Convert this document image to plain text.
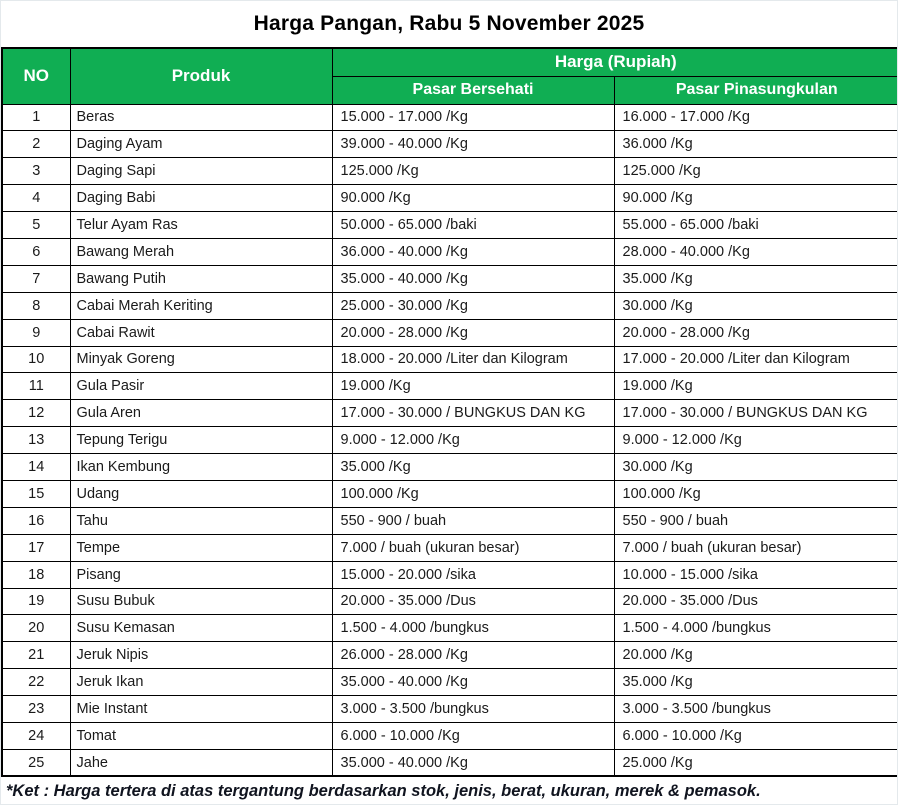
Harga Pangan, Rabu 5 November 2025
NO	Produk	Harga (Rupiah)	
		Pasar Bersehati	Pasar Pinasungkulan
1	Beras	15.000 - 17.000 /Kg	16.000 - 17.000 /Kg
2	Daging Ayam	39.000 - 40.000 /Kg	36.000 /Kg
3	Daging Sapi	125.000 /Kg	125.000 /Kg
4	Daging Babi	90.000 /Kg	90.000 /Kg
5	Telur Ayam Ras	50.000 - 65.000 /baki	55.000 - 65.000 /baki
6	Bawang Merah	36.000 - 40.000 /Kg	28.000 - 40.000 /Kg
7	Bawang Putih	35.000 - 40.000 /Kg	35.000 /Kg
8	Cabai Merah Keriting	25.000 - 30.000 /Kg	30.000 /Kg
9	Cabai Rawit	20.000 - 28.000 /Kg	20.000 - 28.000 /Kg
10	Minyak Goreng	18.000 - 20.000 /Liter dan Kilogram	17.000 - 20.000 /Liter dan Kilogram
11	Gula Pasir	19.000 /Kg	19.000 /Kg
12	Gula Aren	17.000 - 30.000 / BUNGKUS DAN KG	17.000 - 30.000 / BUNGKUS DAN KG
13	Tepung Terigu	9.000 - 12.000 /Kg	9.000 - 12.000 /Kg
14	Ikan Kembung	35.000 /Kg	30.000 /Kg
15	Udang	100.000 /Kg	100.000 /Kg
16	Tahu	550 - 900 / buah	550 - 900 / buah
17	Tempe	7.000 / buah (ukuran besar)	7.000 / buah (ukuran besar)
18	Pisang	15.000 - 20.000 /sika	10.000 - 15.000 /sika
19	Susu Bubuk	20.000 - 35.000 /Dus	20.000 - 35.000 /Dus
20	Susu Kemasan	1.500 - 4.000 /bungkus	1.500 - 4.000 /bungkus
21	Jeruk Nipis	26.000 - 28.000 /Kg	20.000 /Kg
22	Jeruk Ikan	35.000 - 40.000 /Kg	35.000 /Kg
23	Mie Instant	3.000 - 3.500 /bungkus	3.000 - 3.500 /bungkus
24	Tomat	6.000 - 10.000 /Kg	6.000 - 10.000 /Kg
25	Jahe	35.000 - 40.000 /Kg	25.000 /Kg
*Ket : Harga tertera di atas tergantung berdasarkan stok, jenis, berat, ukuran, merek & pemasok.
